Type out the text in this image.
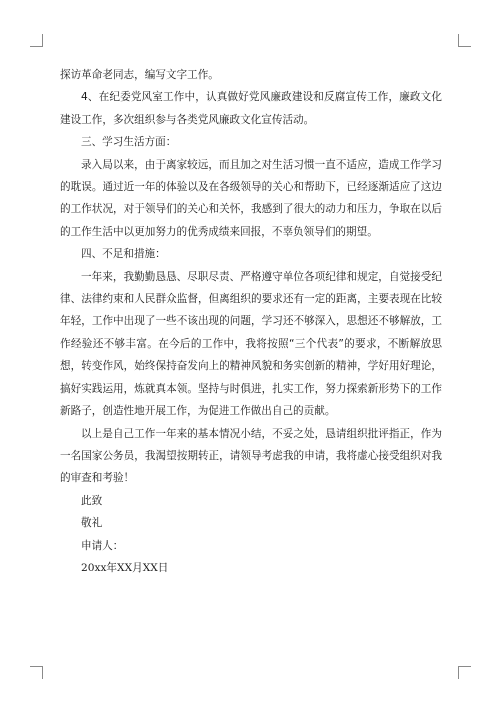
探访革命老同志，编写文字工作。

4、在纪委党风室工作中，认真做好党风廉政建设和反腐宣传工作，廉政文化建设工作，多次组织参与各类党风廉政文化宣传活动。

三、学习生活方面：

录入局以来，由于离家较远，而且加之对生活习惯一直不适应，造成工作学习的耽误。通过近一年的体验以及在各级领导的关心和帮助下，已经逐渐适应了这边的工作状况，对于领导们的关心和关怀，我感到了很大的动力和压力，争取在以后的工作生活中以更加努力的优秀成绩来回报，不辜负领导们的期望。

四、不足和措施：

一年来，我勤勤恳恳、尽职尽责、严格遵守单位各项纪律和规定，自觉接受纪律、法律约束和人民群众监督，但离组织的要求还有一定的距离，主要表现在比较年轻，工作中出现了一些不该出现的问题，学习还不够深入，思想还不够解放，工作经验还不够丰富。在今后的工作中，我将按照“三个代表”的要求，不断解放思想，转变作风，始终保持奋发向上的精神风貌和务实创新的精神，学好用好理论，搞好实践运用，炼就真本领。坚持与时俱进，扎实工作，努力探索新形势下的工作新路子，创造性地开展工作，为促进工作做出自己的贡献。

以上是自己工作一年来的基本情况小结，不妥之处，恳请组织批评指正，作为一名国家公务员，我渴望按期转正，请领导考虑我的申请，我将虚心接受组织对我的审查和考验！

此致

敬礼

申请人：

20xx年XX月XX日
